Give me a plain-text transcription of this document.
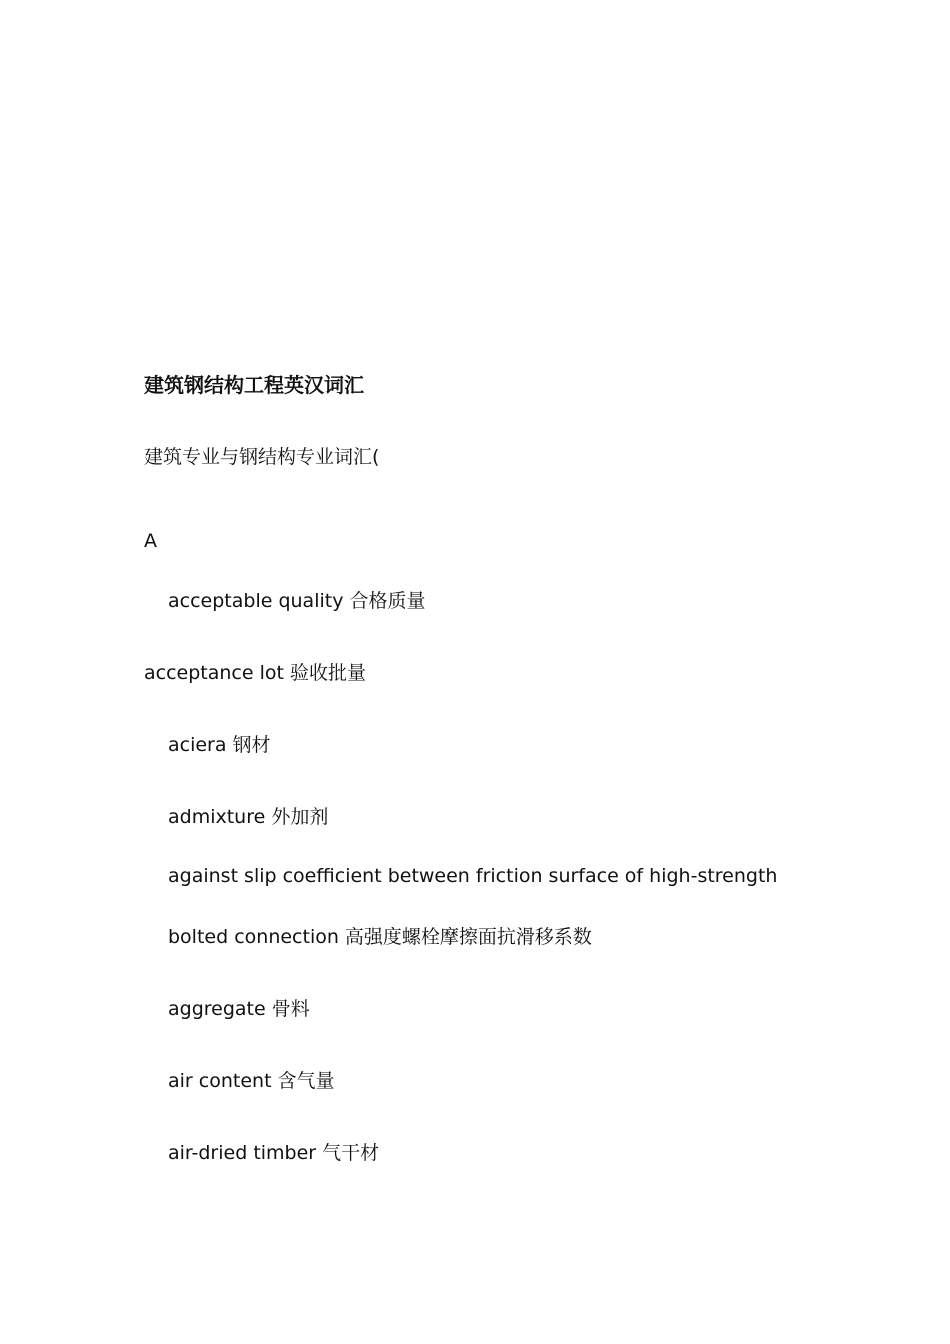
建筑钢结构工程英汉词汇
建筑专业与钢结构专业词汇(
A
acceptable quality 合格质量
acceptance lot 验收批量
aciera 钢材
admixture 外加剂
against slip coefficient between friction surface of high-strength
bolted connection 高强度螺栓摩擦面抗滑移系数
aggregate 骨料
air content 含气量
air-dried timber 气干材
